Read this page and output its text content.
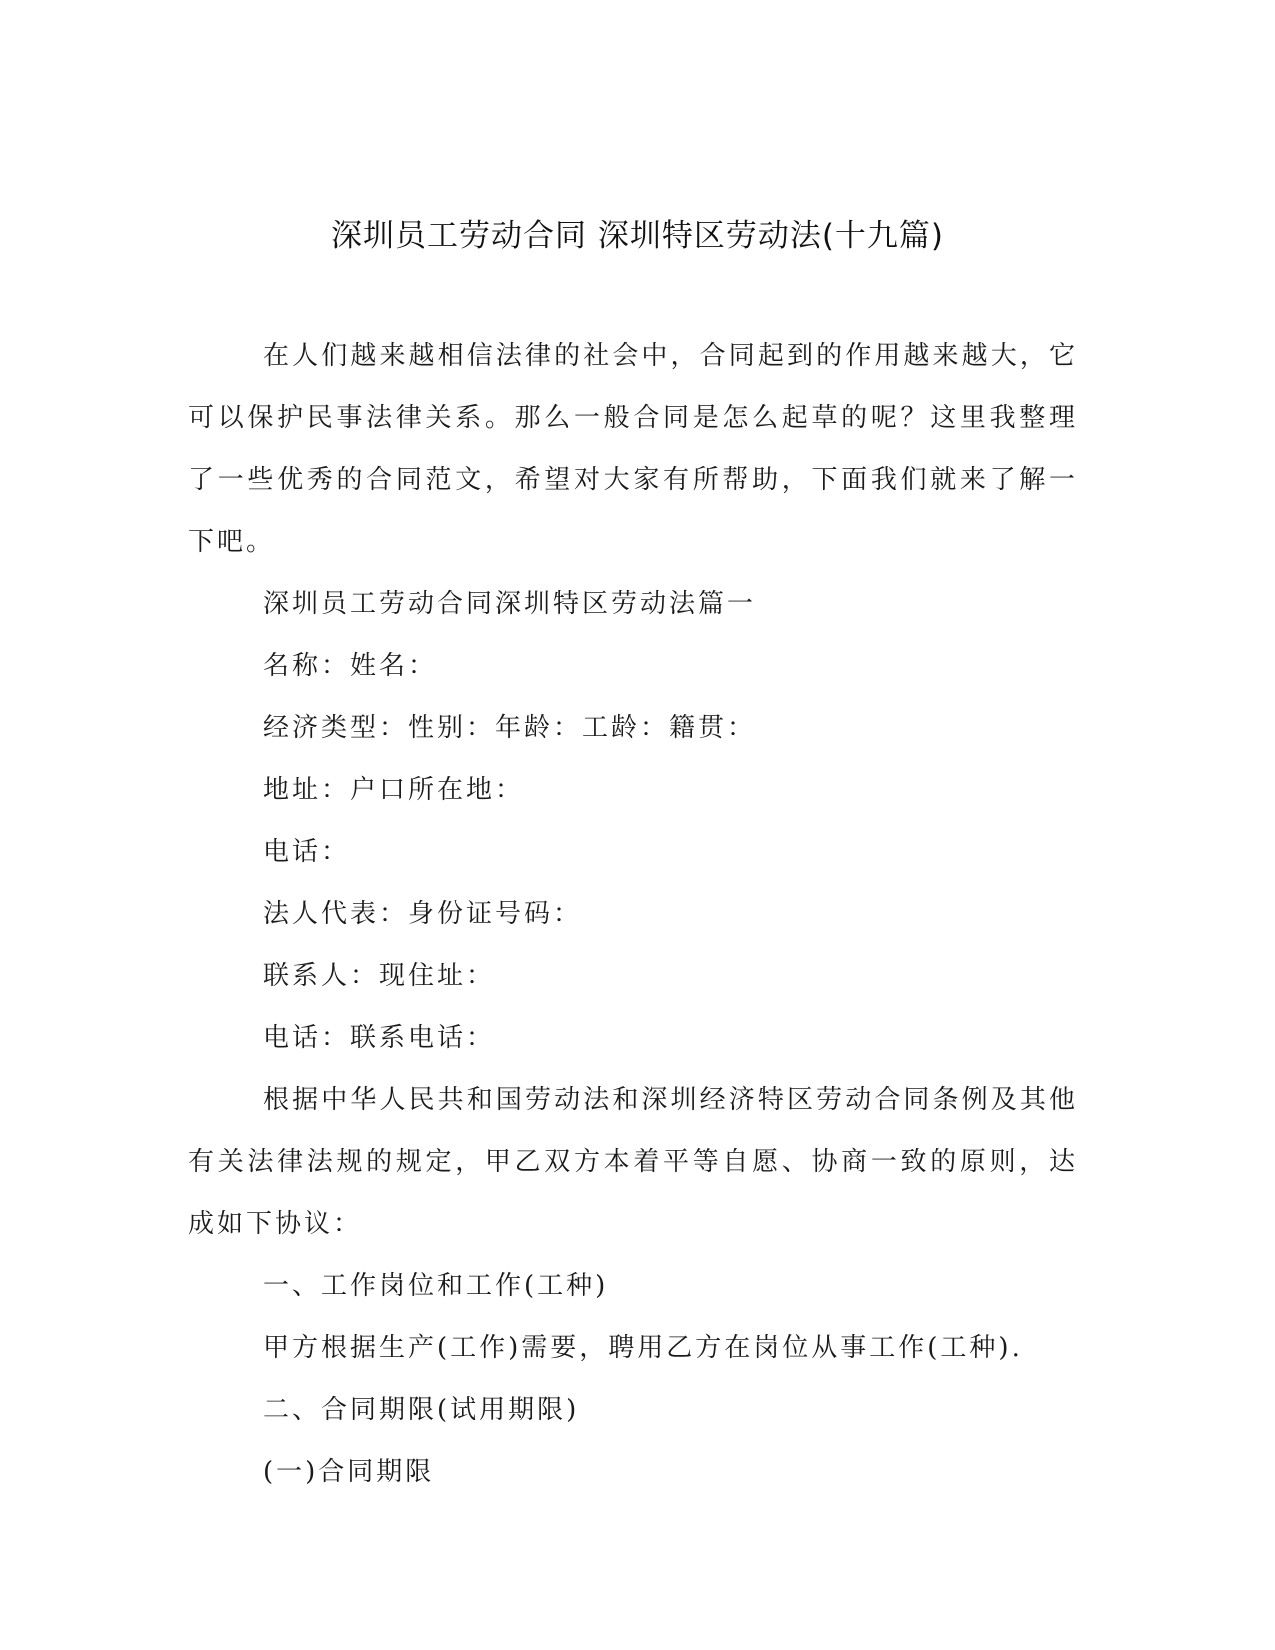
深圳员工劳动合同 深圳特区劳动法(十九篇)

在人们越来越相信法律的社会中，合同起到的作用越来越大，它可以保护民事法律关系。那么一般合同是怎么起草的呢？这里我整理了一些优秀的合同范文，希望对大家有所帮助，下面我们就来了解一下吧。

深圳员工劳动合同深圳特区劳动法篇一

名称：姓名：

经济类型：性别：年龄：工龄：籍贯：

地址：户口所在地：

电话：

法人代表：身份证号码：

联系人：现住址：

电话：联系电话：

根据中华人民共和国劳动法和深圳经济特区劳动合同条例及其他有关法律法规的规定，甲乙双方本着平等自愿、协商一致的原则，达成如下协议：

一、工作岗位和工作(工种)

甲方根据生产(工作)需要，聘用乙方在岗位从事工作(工种).

二、合同期限(试用期限)

(一)合同期限
